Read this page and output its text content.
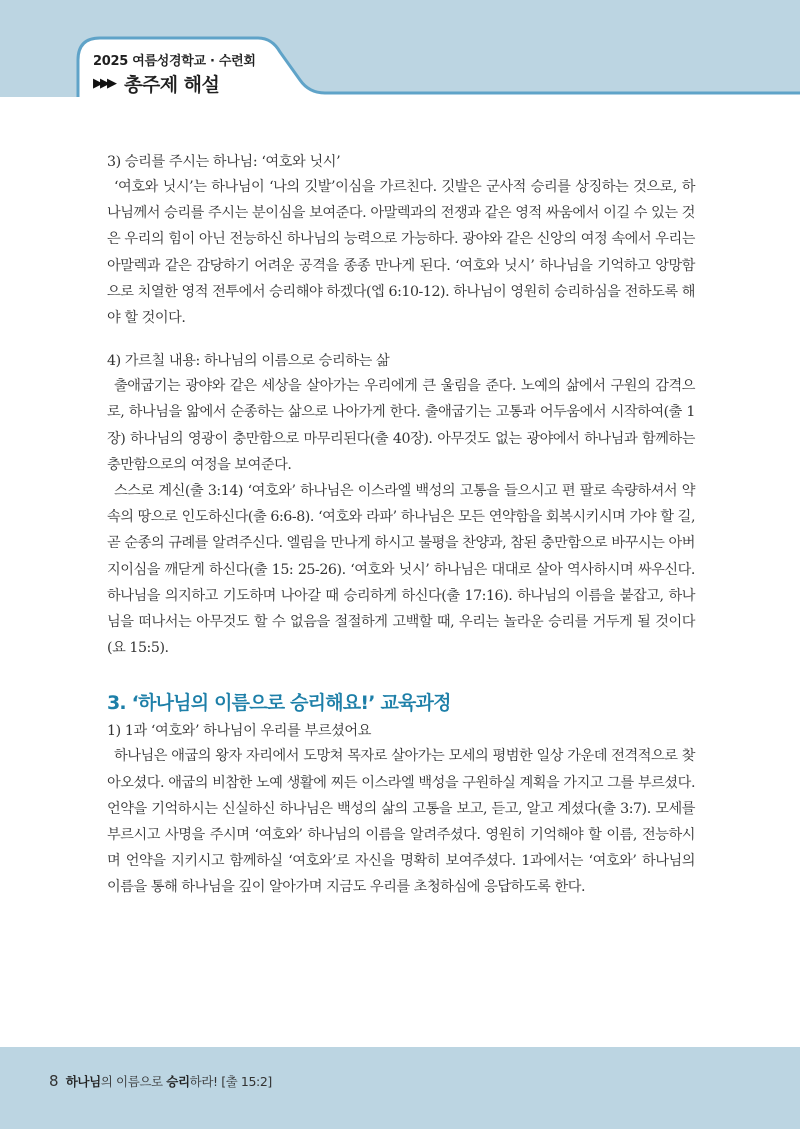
2025 여름성경학교 · 수련회
▶▶▶ 총주제 해설

3) 승리를 주시는 하나님: ‘여호와 닛시’

‘여호와 닛시’는 하나님이 ‘나의 깃발’이심을 가르친다. 깃발은 군사적 승리를 상징하는 것으로, 하나님께서 승리를 주시는 분이심을 보여준다. 아말렉과의 전쟁과 같은 영적 싸움에서 이길 수 있는 것은 우리의 힘이 아닌 전능하신 하나님의 능력으로 가능하다. 광야와 같은 신앙의 여정 속에서 우리는 아말렉과 같은 감당하기 어려운 공격을 종종 만나게 된다. ‘여호와 닛시’ 하나님을 기억하고 앙망함으로 치열한 영적 전투에서 승리해야 하겠다(엡 6:10-12). 하나님이 영원히 승리하심을 전하도록 해야 할 것이다.

4) 가르칠 내용: 하나님의 이름으로 승리하는 삶

출애굽기는 광야와 같은 세상을 살아가는 우리에게 큰 울림을 준다. 노예의 삶에서 구원의 감격으로, 하나님을 앎에서 순종하는 삶으로 나아가게 한다. 출애굽기는 고통과 어두움에서 시작하여(출 1장) 하나님의 영광이 충만함으로 마무리된다(출 40장). 아무것도 없는 광야에서 하나님과 함께하는 충만함으로의 여정을 보여준다.

스스로 계신(출 3:14) ‘여호와’ 하나님은 이스라엘 백성의 고통을 들으시고 편 팔로 속량하셔서 약속의 땅으로 인도하신다(출 6:6-8). ‘여호와 라파’ 하나님은 모든 연약함을 회복시키시며 가야 할 길, 곧 순종의 규례를 알려주신다. 엘림을 만나게 하시고 불평을 찬양과, 참된 충만함으로 바꾸시는 아버지이심을 깨닫게 하신다(출 15: 25-26). ‘여호와 닛시’ 하나님은 대대로 살아 역사하시며 싸우신다. 하나님을 의지하고 기도하며 나아갈 때 승리하게 하신다(출 17:16). 하나님의 이름을 붙잡고, 하나님을 떠나서는 아무것도 할 수 없음을 절절하게 고백할 때, 우리는 놀라운 승리를 거두게 될 것이다(요 15:5).

3. ‘하나님의 이름으로 승리해요!’ 교육과정

1) 1과 ‘여호와’ 하나님이 우리를 부르셨어요

하나님은 애굽의 왕자 자리에서 도망쳐 목자로 살아가는 모세의 평범한 일상 가운데 전격적으로 찾아오셨다. 애굽의 비참한 노예 생활에 찌든 이스라엘 백성을 구원하실 계획을 가지고 그를 부르셨다. 언약을 기억하시는 신실하신 하나님은 백성의 삶의 고통을 보고, 듣고, 알고 계셨다(출 3:7). 모세를 부르시고 사명을 주시며 ‘여호와’ 하나님의 이름을 알려주셨다. 영원히 기억해야 할 이름, 전능하시며 언약을 지키시고 함께하실 ‘여호와’로 자신을 명확히 보여주셨다. 1과에서는 ‘여호와’ 하나님의 이름을 통해 하나님을 깊이 알아가며 지금도 우리를 초청하심에 응답하도록 한다.

8 하나님의 이름으로 승리하라! [출 15:2]
